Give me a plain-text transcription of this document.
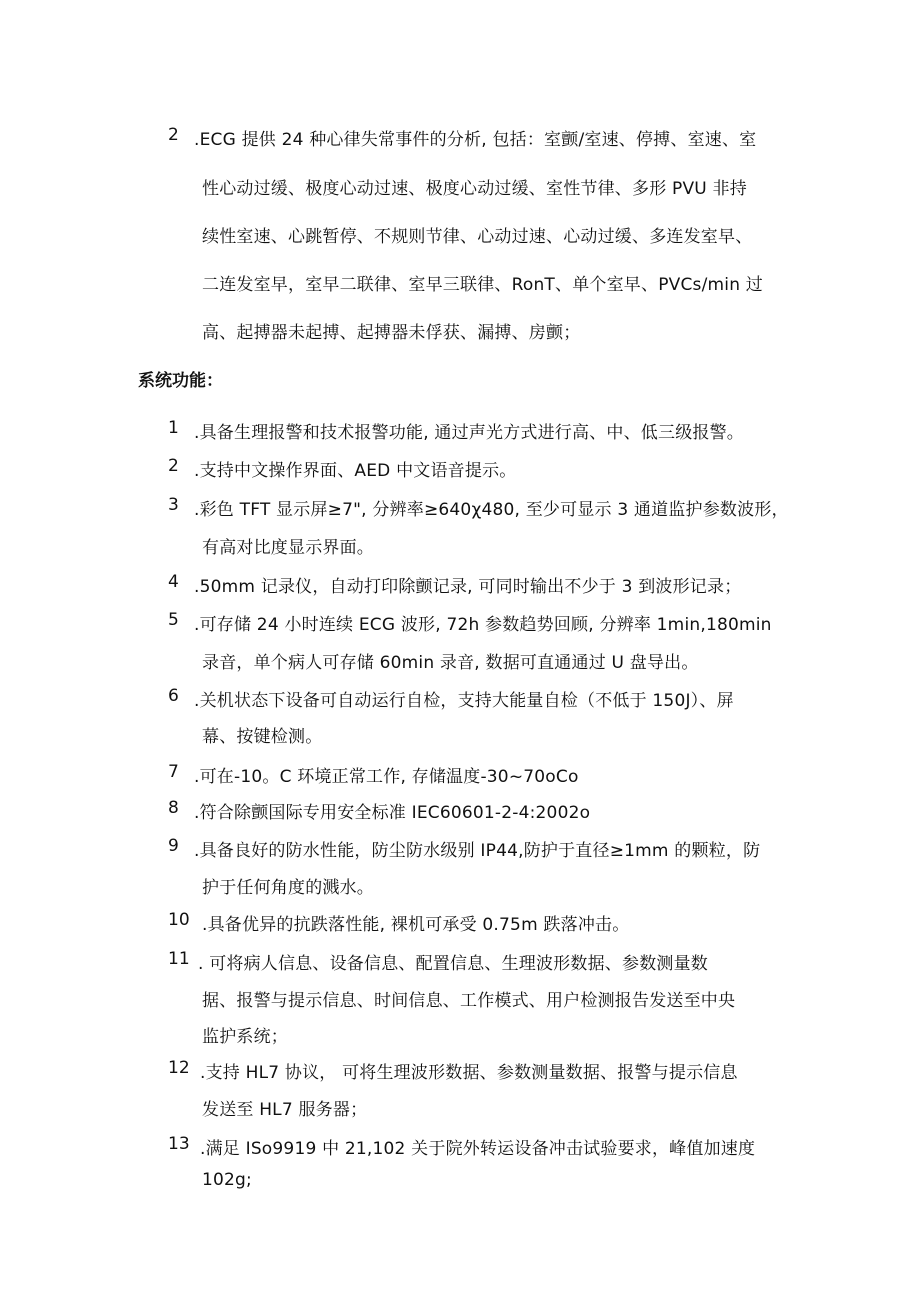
2 .ECG 提供 24 种心律失常事件的分析, 包括：室颤/室速、停搏、室速、室
性心动过缓、极度心动过速、极度心动过缓、室性节律、多形 PVU 非持
续性室速、心跳暂停、不规则节律、心动过速、心动过缓、多连发室早、
二连发室早，室早二联律、室早三联律、RonT、单个室早、PVCs/min 过
高、起搏器未起搏、起搏器未俘获、漏搏、房颤；
系统功能：
1 .具备生理报警和技术报警功能, 通过声光方式进行高、中、低三级报警。
2 .支持中文操作界面、AED 中文语音提示。
3 .彩色 TFT 显示屏≥7", 分辨率≥640χ480, 至少可显示 3 通道监护参数波形，
有高对比度显示界面。
4 .50mm 记录仪，自动打印除颤记录, 可同时输出不少于 3 到波形记录；
5 .可存储 24 小时连续 ECG 波形, 72h 参数趋势回顾, 分辨率 1min,180min
录音，单个病人可存储 60min 录音, 数据可直通通过 U 盘导出。
6 .关机状态下设备可自动运行自检，支持大能量自检（不低于 150J）、屏
幕、按键检测。
7 .可在-10。C 环境正常工作, 存储温度-30~70oCo
8 .符合除颤国际专用安全标准 IEC60601-2-4:2002o
9 .具备良好的防水性能，防尘防水级别 IP44,防护于直径≥1mm 的颗粒，防
护于任何角度的溅水。
10 .具备优异的抗跌落性能, 裸机可承受 0.75m 跌落冲击。
11 . 可将病人信息、设备信息、配置信息、生理波形数据、参数测量数
据、报警与提示信息、时间信息、工作模式、用户检测报告发送至中央
监护系统；
12 .支持 HL7 协议， 可将生理波形数据、参数测量数据、报警与提示信息
发送至 HL7 服务器；
13 .满足 ISo9919 中 21,102 关于院外转运设备冲击试验要求，峰值加速度
102g;
